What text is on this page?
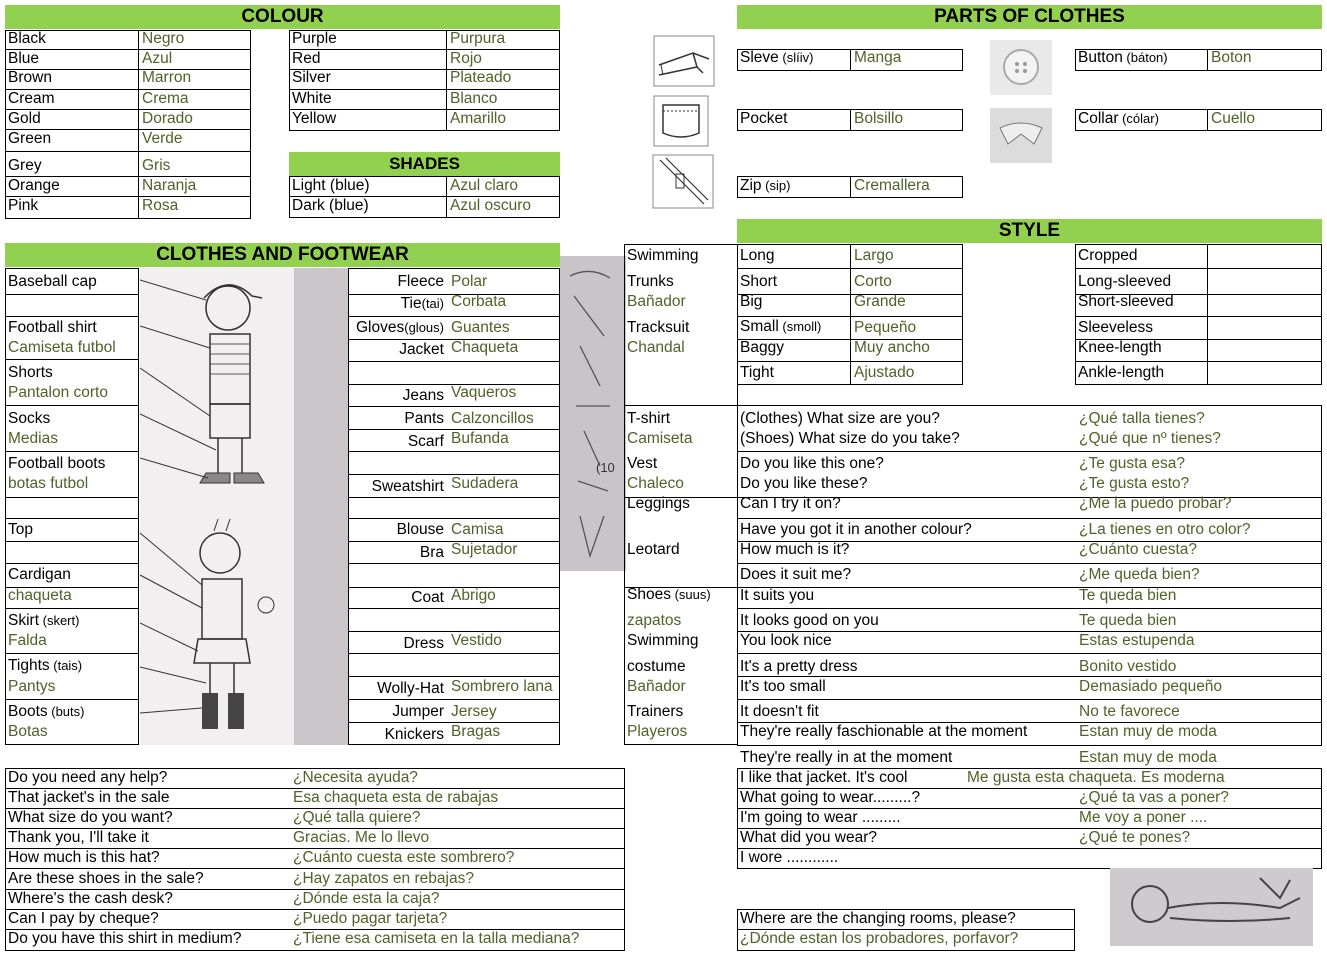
COLOUR
Black	Negro
Blue	Azul
Brown	Marron
Cream	Crema
Gold	Dorado
Green	Verde
Grey	Gris
Orange	Naranja
Pink	Rosa
Purple	Purpura
Red	Rojo
Silver	Plateado
White	Blanco
Yellow	Amarillo
SHADES
Light (blue)	Azul claro
Dark (blue)	Azul oscuro
PARTS OF CLOTHES
Sleve (slíiv)	Manga
Pocket	Bolsillo
Zip (sip)	Cremallera
Button (báton)	Boton
Collar (cólar)	Cuello
CLOTHES AND FOOTWEAR
Baseball cap
Football shirt
Camiseta futbol
Shorts
Pantalon corto
Socks
Medias
Football boots
botas futbol
Top
Cardigan
chaqueta
Skirt (skert)
Falda
Tights (tais)
Pantys
Boots (buts)
Botas
Fleece Polar
Tie(tai) Corbata
Gloves(glous) Guantes
Jacket Chaqueta
Jeans Vaqueros
Pants Calzoncillos
Scarf Bufanda
Sweatshirt Sudadera
Blouse Camisa
Bra Sujetador
Coat Abrigo
Dress Vestido
Wolly-Hat Sombrero lana
Jumper Jersey
Knickers Bragas
(10
Swimming
Trunks
Bañador
Tracksuit
Chandal
T-shirt
Camiseta
Vest
Chaleco
Leggings
Leotard
Shoes (suus)
zapatos
Swimming
costume
Bañador
Trainers
Playeros
STYLE
Long	Largo
Short	Corto
Big	Grande
Small (smoll) Pequeño
Baggy	Muy ancho
Tight	Ajustado
Cropped
Long-sleeved
Short-sleeved
Sleeveless
Knee-length
Ankle-length
(Clothes) What size are you?	¿Qué talla tienes?
(Shoes) What size do you take?	¿Qué que nº tienes?
Do you like this one?	¿Te gusta esa?
Do you like these?	¿Te gusta esto?
Can I try it on?	¿Me la puedo probar?
Have you got it in another colour?	¿La tienes en otro color?
How much is it?	¿Cuánto cuesta?
Does it suit me?	¿Me queda bien?
It suits you	Te queda bien
It looks good on you	Te queda bien
You look nice	Estas estupenda
It's a pretty dress	Bonito vestido
It's too small	Demasiado pequeño
It doesn't fit	No te favorece
They're really faschionable at the moment	Estan muy de moda
They're really in at the moment	Estan muy de moda
I like that jacket. It's cool	Me gusta esta chaqueta. Es moderna
What going to wear.........?	¿Qué ta vas a poner?
I'm going to wear .........	Me voy a poner ....
What did you wear?	¿Qué te pones?
I wore ............
Do you need any help?	¿Necesita ayuda?
That jacket's in the sale	Esa chaqueta esta de rabajas
What size do you want?	¿Qué talla quiere?
Thank you, I'll take it	Gracias. Me lo llevo
How much is this hat?	¿Cuánto cuesta este sombrero?
Are these shoes in the sale?	¿Hay zapatos en rebajas?
Where's the cash desk?	¿Dónde esta la caja?
Can I pay by cheque?	¿Puedo pagar tarjeta?
Do you have this shirt in medium?	¿Tiene esa camiseta en la talla mediana?
Where are the changing rooms, please?
¿Dónde estan los probadores, porfavor?
